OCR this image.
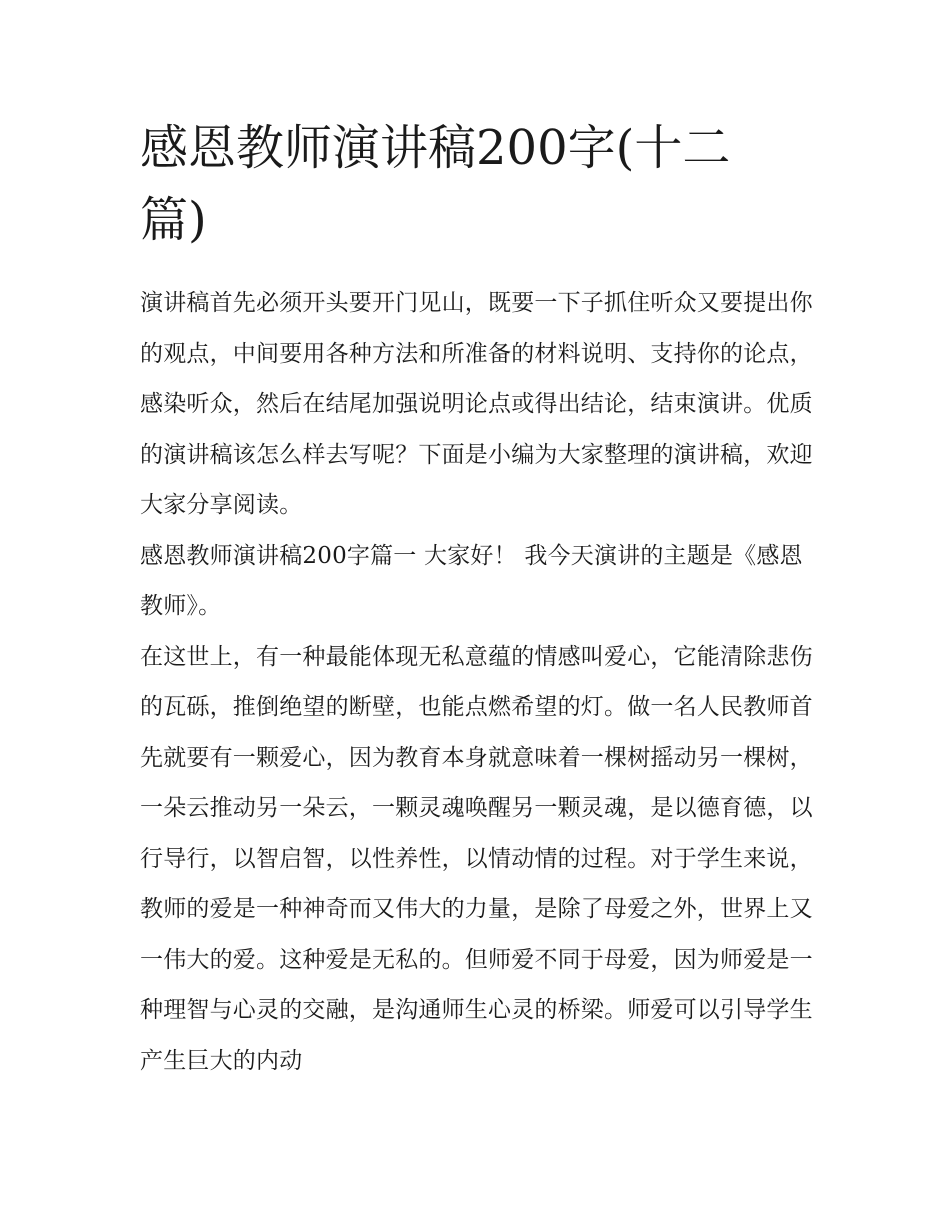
感恩教师演讲稿200字(十二篇)

演讲稿首先必须开头要开门见山，既要一下子抓住听众又要提出你的观点，中间要用各种方法和所准备的材料说明、支持你的论点，感染听众，然后在结尾加强说明论点或得出结论，结束演讲。优质的演讲稿该怎么样去写呢？下面是小编为大家整理的演讲稿，欢迎大家分享阅读。

感恩教师演讲稿200字篇一 大家好！ 我今天演讲的主题是《感恩教师》。

在这世上，有一种最能体现无私意蕴的情感叫爱心，它能清除悲伤的瓦砾，推倒绝望的断壁，也能点燃希望的灯。做一名人民教师首先就要有一颗爱心，因为教育本身就意味着一棵树摇动另一棵树，一朵云推动另一朵云，一颗灵魂唤醒另一颗灵魂，是以德育德，以行导行，以智启智，以性养性，以情动情的过程。对于学生来说，教师的爱是一种神奇而又伟大的力量，是除了母爱之外，世界上又一伟大的爱。这种爱是无私的。但师爱不同于母爱，因为师爱是一种理智与心灵的交融，是沟通师生心灵的桥梁。师爱可以引导学生产生巨大的内动
